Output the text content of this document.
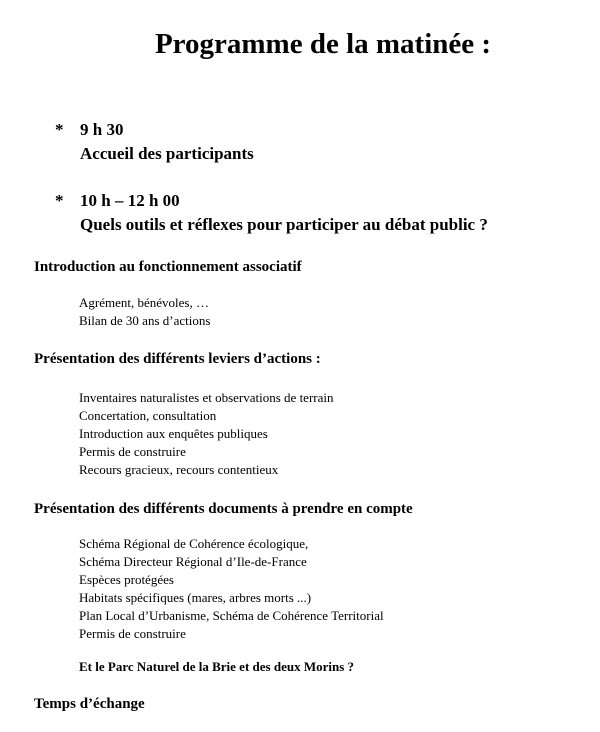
Programme de la matinée :
* 9 h 30
Accueil des participants
* 10 h – 12 h 00
Quels outils et réflexes pour participer au débat public ?
Introduction au fonctionnement associatif
Agrément, bénévoles, …
Bilan de 30 ans d’actions
Présentation des différents leviers d’actions :
Inventaires naturalistes et observations de terrain
Concertation, consultation
Introduction aux enquêtes publiques
Permis de construire
Recours gracieux, recours contentieux
Présentation des différents documents à prendre en compte
Schéma Régional de Cohérence écologique,
Schéma Directeur Régional d’Ile-de-France
Espèces protégées
Habitats spécifiques (mares, arbres morts ...)
Plan Local d’Urbanisme, Schéma de Cohérence Territorial
Permis de construire
Et le Parc Naturel de la Brie et des deux Morins ?
Temps d’échange
